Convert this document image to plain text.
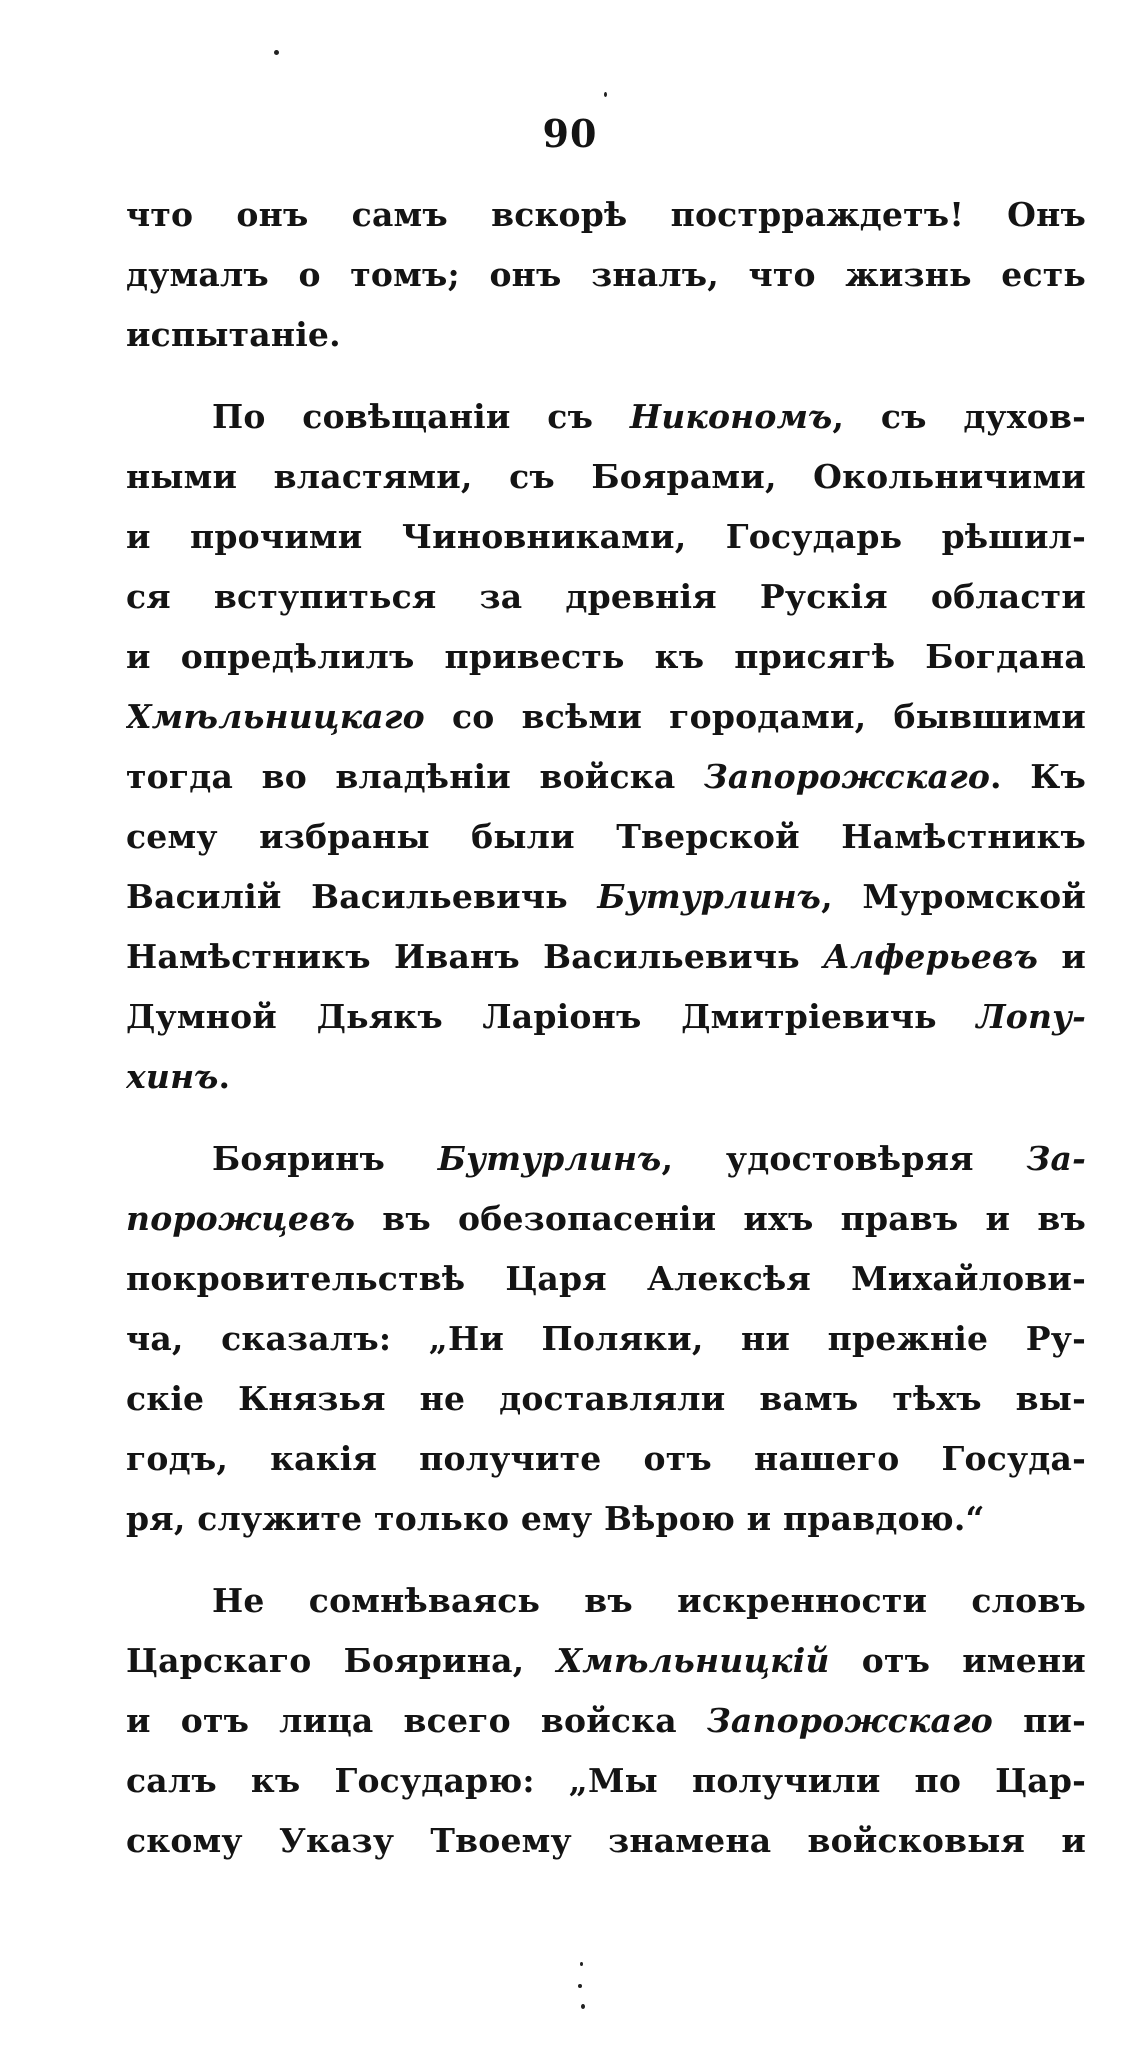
90
что онъ самъ вскорѣ пострраждетъ! Онъ
думалъ о томъ; онъ зналъ, что жизнь есть
испытаніе.
По совѣщаніи съ Никономъ, съ духов-
ными властями, съ Боярами, Окольничими
и прочими Чиновниками, Государь рѣшил-
ся вступиться за древнія Рускія области
и опредѣлилъ привесть къ присягѣ Богдана
Хмѣльницкаго со всѣми городами, бывшими
тогда во владѣніи войска Запорожскаго. Къ
сему избраны были Тверской Намѣстникъ
Василій Васильевичь Бутурлинъ, Муромской
Намѣстникъ Иванъ Васильевичь Алферьевъ и
Думной Дьякъ Ларіонъ Дмитріевичь Лопу-
хинъ.
Бояринъ Бутурлинъ, удостовѣряя За-
порожцевъ въ обезопасеніи ихъ правъ и въ
покровительствѣ Царя Алексѣя Михайлови-
ча, сказалъ: „Ни Поляки, ни прежніе Ру-
скіе Князья не доставляли вамъ тѣхъ вы-
годъ, какія получите отъ нашего Госуда-
ря, служите только ему Вѣрою и правдою.“
Не сомнѣваясь въ искренности словъ
Царскаго Боярина, Хмѣльницкій отъ имени
и отъ лица всего войска Запорожскаго пи-
салъ къ Государю: „Мы получили по Цар-
скому Указу Твоему знамена войсковыя и
